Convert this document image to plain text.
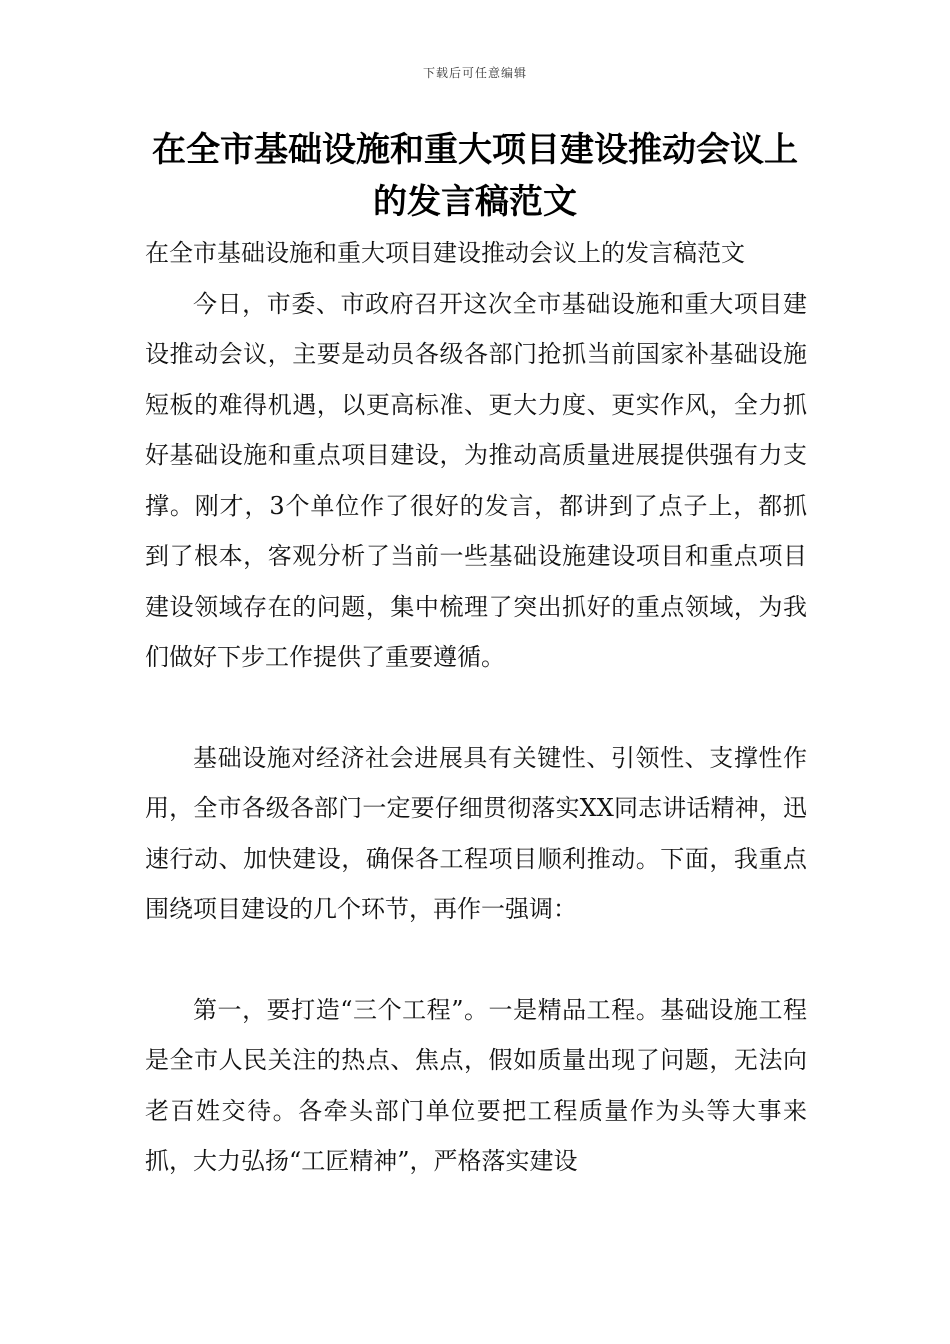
下载后可任意编辑
在全市基础设施和重大项目建设推动会议上的发言稿范文

在全市基础设施和重大项目建设推动会议上的发言稿范文

今日，市委、市政府召开这次全市基础设施和重大项目建设推动会议，主要是动员各级各部门抢抓当前国家补基础设施短板的难得机遇，以更高标准、更大力度、更实作风，全力抓好基础设施和重点项目建设，为推动高质量进展提供强有力支撑。刚才，3个单位作了很好的发言，都讲到了点子上，都抓到了根本，客观分析了当前一些基础设施建设项目和重点项目建设领域存在的问题，集中梳理了突出抓好的重点领域，为我们做好下步工作提供了重要遵循。

基础设施对经济社会进展具有关键性、引领性、支撑性作用，全市各级各部门一定要仔细贯彻落实XX同志讲话精神，迅速行动、加快建设，确保各工程项目顺利推动。下面，我重点围绕项目建设的几个环节，再作一强调：

第一，要打造“三个工程”。一是精品工程。基础设施工程是全市人民关注的热点、焦点，假如质量出现了问题，无法向老百姓交待。各牵头部门单位要把工程质量作为头等大事来抓，大力弘扬“工匠精神”，严格落实建设
